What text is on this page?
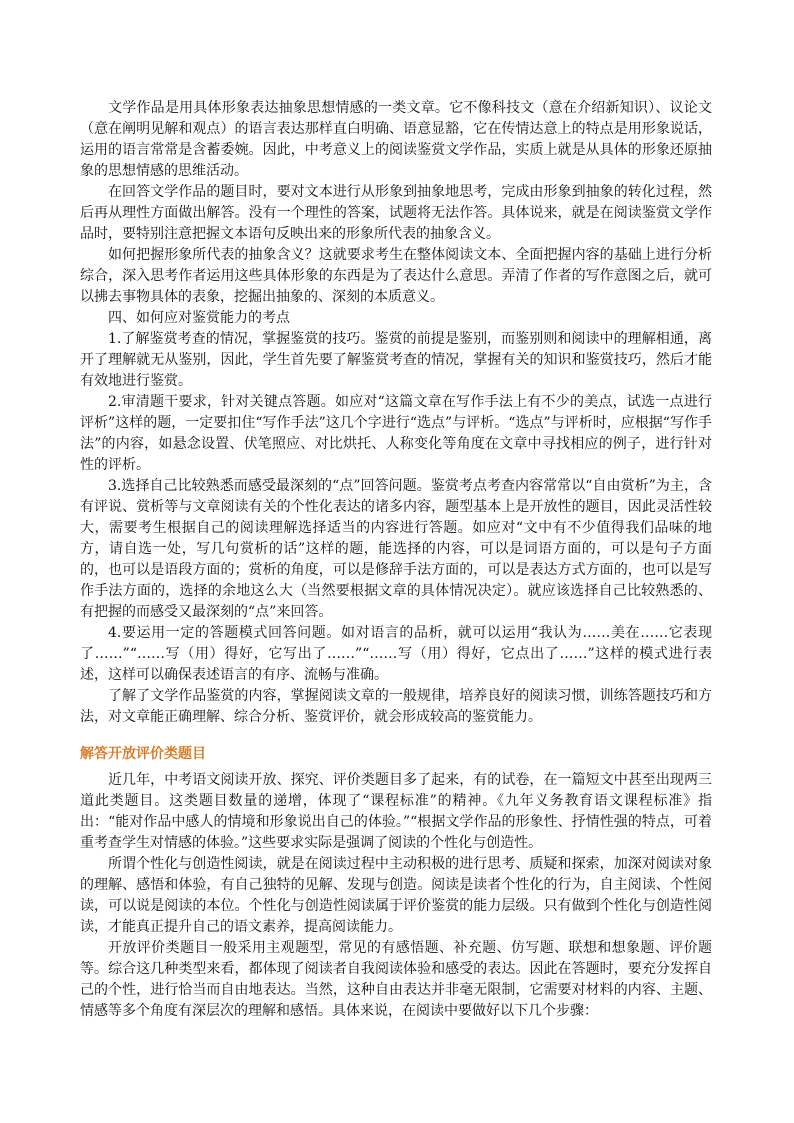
文学作品是用具体形象表达抽象思想情感的一类文章。它不像科技文（意在介绍新知识）、议论文（意在阐明见解和观点）的语言表达那样直白明确、语意显豁，它在传情达意上的特点是用形象说话，运用的语言常常是含蓄委婉。因此，中考意义上的阅读鉴赏文学作品，实质上就是从具体的形象还原抽象的思想情感的思维活动。

在回答文学作品的题目时，要对文本进行从形象到抽象地思考，完成由形象到抽象的转化过程，然后再从理性方面做出解答。没有一个理性的答案，试题将无法作答。具体说来，就是在阅读鉴赏文学作品时，要特别注意把握文本语句反映出来的形象所代表的抽象含义。

如何把握形象所代表的抽象含义？这就要求考生在整体阅读文本、全面把握内容的基础上进行分析综合，深入思考作者运用这些具体形象的东西是为了表达什么意思。弄清了作者的写作意图之后，就可以拂去事物具体的表象，挖掘出抽象的、深刻的本质意义。

四、如何应对鉴赏能力的考点

1.了解鉴赏考查的情况，掌握鉴赏的技巧。鉴赏的前提是鉴别，而鉴别则和阅读中的理解相通，离开了理解就无从鉴别，因此，学生首先要了解鉴赏考查的情况，掌握有关的知识和鉴赏技巧，然后才能有效地进行鉴赏。

2.审清题干要求，针对关键点答题。如应对“这篇文章在写作手法上有不少的美点，试选一点进行评析”这样的题，一定要扣住“写作手法”这几个字进行“选点”与评析。“选点”与评析时，应根据“写作手法”的内容，如悬念设置、伏笔照应、对比烘托、人称变化等角度在文章中寻找相应的例子，进行针对性的评析。

3.选择自己比较熟悉而感受最深刻的“点”回答问题。鉴赏考点考查内容常常以“自由赏析”为主，含有评说、赏析等与文章阅读有关的个性化表达的诸多内容，题型基本上是开放性的题目，因此灵活性较大，需要考生根据自己的阅读理解选择适当的内容进行答题。如应对“文中有不少值得我们品味的地方，请自选一处，写几句赏析的话”这样的题，能选择的内容，可以是词语方面的，可以是句子方面的，也可以是语段方面的；赏析的角度，可以是修辞手法方面的，可以是表达方式方面的，也可以是写作手法方面的，选择的余地这么大（当然要根据文章的具体情况决定）。就应该选择自己比较熟悉的、有把握的而感受又最深刻的“点”来回答。

4.要运用一定的答题模式回答问题。如对语言的品析，就可以运用“我认为……美在……它表现了……”“……写（用）得好，它写出了……”“……写（用）得好，它点出了……”这样的模式进行表述，这样可以确保表述语言的有序、流畅与准确。

了解了文学作品鉴赏的内容，掌握阅读文章的一般规律，培养良好的阅读习惯，训练答题技巧和方法，对文章能正确理解、综合分析、鉴赏评价，就会形成较高的鉴赏能力。

解答开放评价类题目

近几年，中考语文阅读开放、探究、评价类题目多了起来，有的试卷，在一篇短文中甚至出现两三道此类题目。这类题目数量的递增，体现了“课程标准”的精神。《九年义务教育语文课程标准》指出：“能对作品中感人的情境和形象说出自己的体验。”“根据文学作品的形象性、抒情性强的特点，可着重考查学生对情感的体验。”这些要求实际是强调了阅读的个性化与创造性。

所谓个性化与创造性阅读，就是在阅读过程中主动积极的进行思考、质疑和探索，加深对阅读对象的理解、感悟和体验，有自己独特的见解、发现与创造。阅读是读者个性化的行为，自主阅读、个性阅读，可以说是阅读的本位。个性化与创造性阅读属于评价鉴赏的能力层级。只有做到个性化与创造性阅读，才能真正提升自己的语文素养，提高阅读能力。

开放评价类题目一般采用主观题型，常见的有感悟题、补充题、仿写题、联想和想象题、评价题等。综合这几种类型来看，都体现了阅读者自我阅读体验和感受的表达。因此在答题时，要充分发挥自己的个性，进行恰当而自由地表达。当然，这种自由表达并非毫无限制，它需要对材料的内容、主题、情感等多个角度有深层次的理解和感悟。具体来说，在阅读中要做好以下几个步骤：
